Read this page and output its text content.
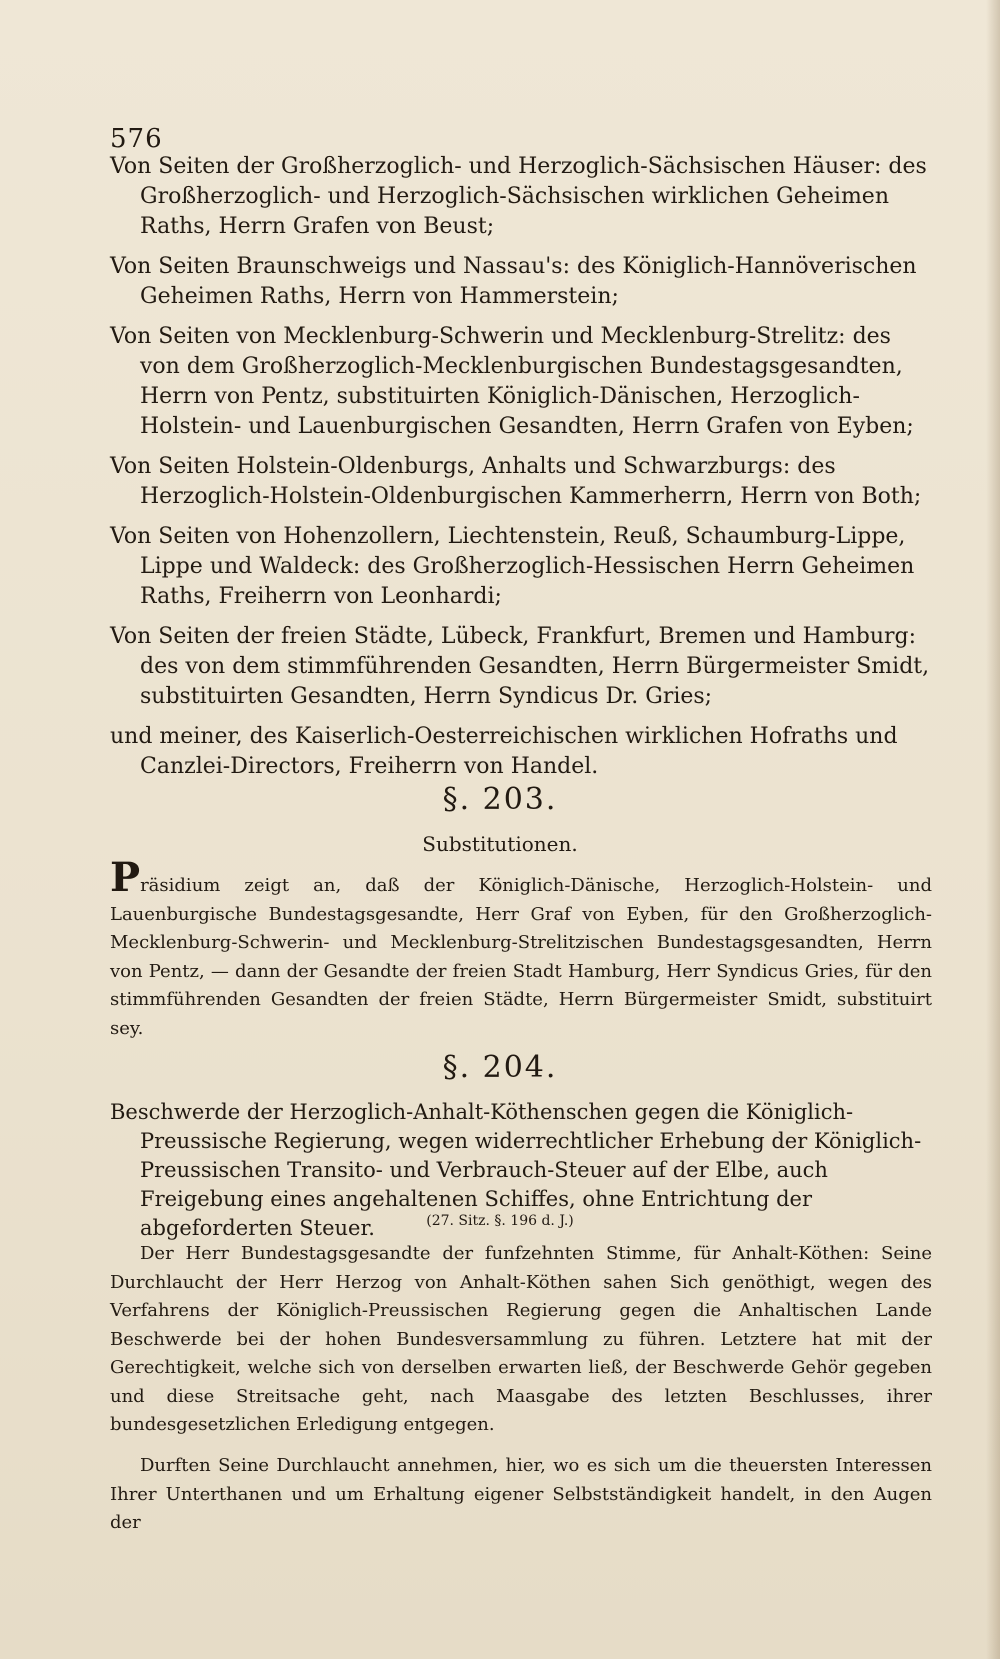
576

Von Seiten der Großherzoglich- und Herzoglich-Sächsischen Häuser: des Großherzoglich- und Herzoglich-Sächsischen wirklichen Geheimen Raths, Herrn Grafen von Beust;

Von Seiten Braunschweigs und Nassau's: des Königlich-Hannöverischen Geheimen Raths, Herrn von Hammerstein;

Von Seiten von Mecklenburg-Schwerin und Mecklenburg-Strelitz: des von dem Großherzoglich-Mecklenburgischen Bundestagsgesandten, Herrn von Pentz, substituirten Königlich-Dänischen, Herzoglich-Holstein- und Lauenburgischen Gesandten, Herrn Grafen von Eyben;

Von Seiten Holstein-Oldenburgs, Anhalts und Schwarzburgs: des Herzoglich-Holstein-Oldenburgischen Kammerherrn, Herrn von Both;

Von Seiten von Hohenzollern, Liechtenstein, Reuß, Schaumburg-Lippe, Lippe und Waldeck: des Großherzoglich-Hessischen Herrn Geheimen Raths, Freiherrn von Leonhardi;

Von Seiten der freien Städte, Lübeck, Frankfurt, Bremen und Hamburg: des von dem stimmführenden Gesandten, Herrn Bürgermeister Smidt, substituirten Gesandten, Herrn Syndicus Dr. Gries;

und meiner, des Kaiserlich-Oesterreichischen wirklichen Hofraths und Canzlei-Directors, Freiherrn von Handel.

§. 203.
Substitutionen.
Präsidium zeigt an, daß der Königlich-Dänische, Herzoglich-Holstein- und Lauenburgische Bundestagsgesandte, Herr Graf von Eyben, für den Großherzoglich-Mecklenburg-Schwerin- und Mecklenburg-Strelitzischen Bundestagsgesandten, Herrn von Pentz, — dann der Gesandte der freien Stadt Hamburg, Herr Syndicus Gries, für den stimmführenden Gesandten der freien Städte, Herrn Bürgermeister Smidt, substituirt sey.
§. 204.
Beschwerde der Herzoglich-Anhalt-Köthenschen gegen die Königlich-Preussische Regierung, wegen widerrechtlicher Erhebung der Königlich-Preussischen Transito- und Verbrauch-Steuer auf der Elbe, auch Freigebung eines angehaltenen Schiffes, ohne Entrichtung der abgeforderten Steuer.	(27. Sitz. §. 196 d. J.)
Der Herr Bundestagsgesandte der funfzehnten Stimme, für Anhalt-Köthen: Seine Durchlaucht der Herr Herzog von Anhalt-Köthen sahen Sich genöthigt, wegen des Verfahrens der Königlich-Preussischen Regierung gegen die Anhaltischen Lande Beschwerde bei der hohen Bundesversammlung zu führen. Letztere hat mit der Gerechtigkeit, welche sich von derselben erwarten ließ, der Beschwerde Gehör gegeben und diese Streitsache geht, nach Maasgabe des letzten Beschlusses, ihrer bundesgesetzlichen Erledigung entgegen.
Durften Seine Durchlaucht annehmen, hier, wo es sich um die theuersten Interessen Ihrer Unterthanen und um Erhaltung eigener Selbstständigkeit handelt, in den Augen der
